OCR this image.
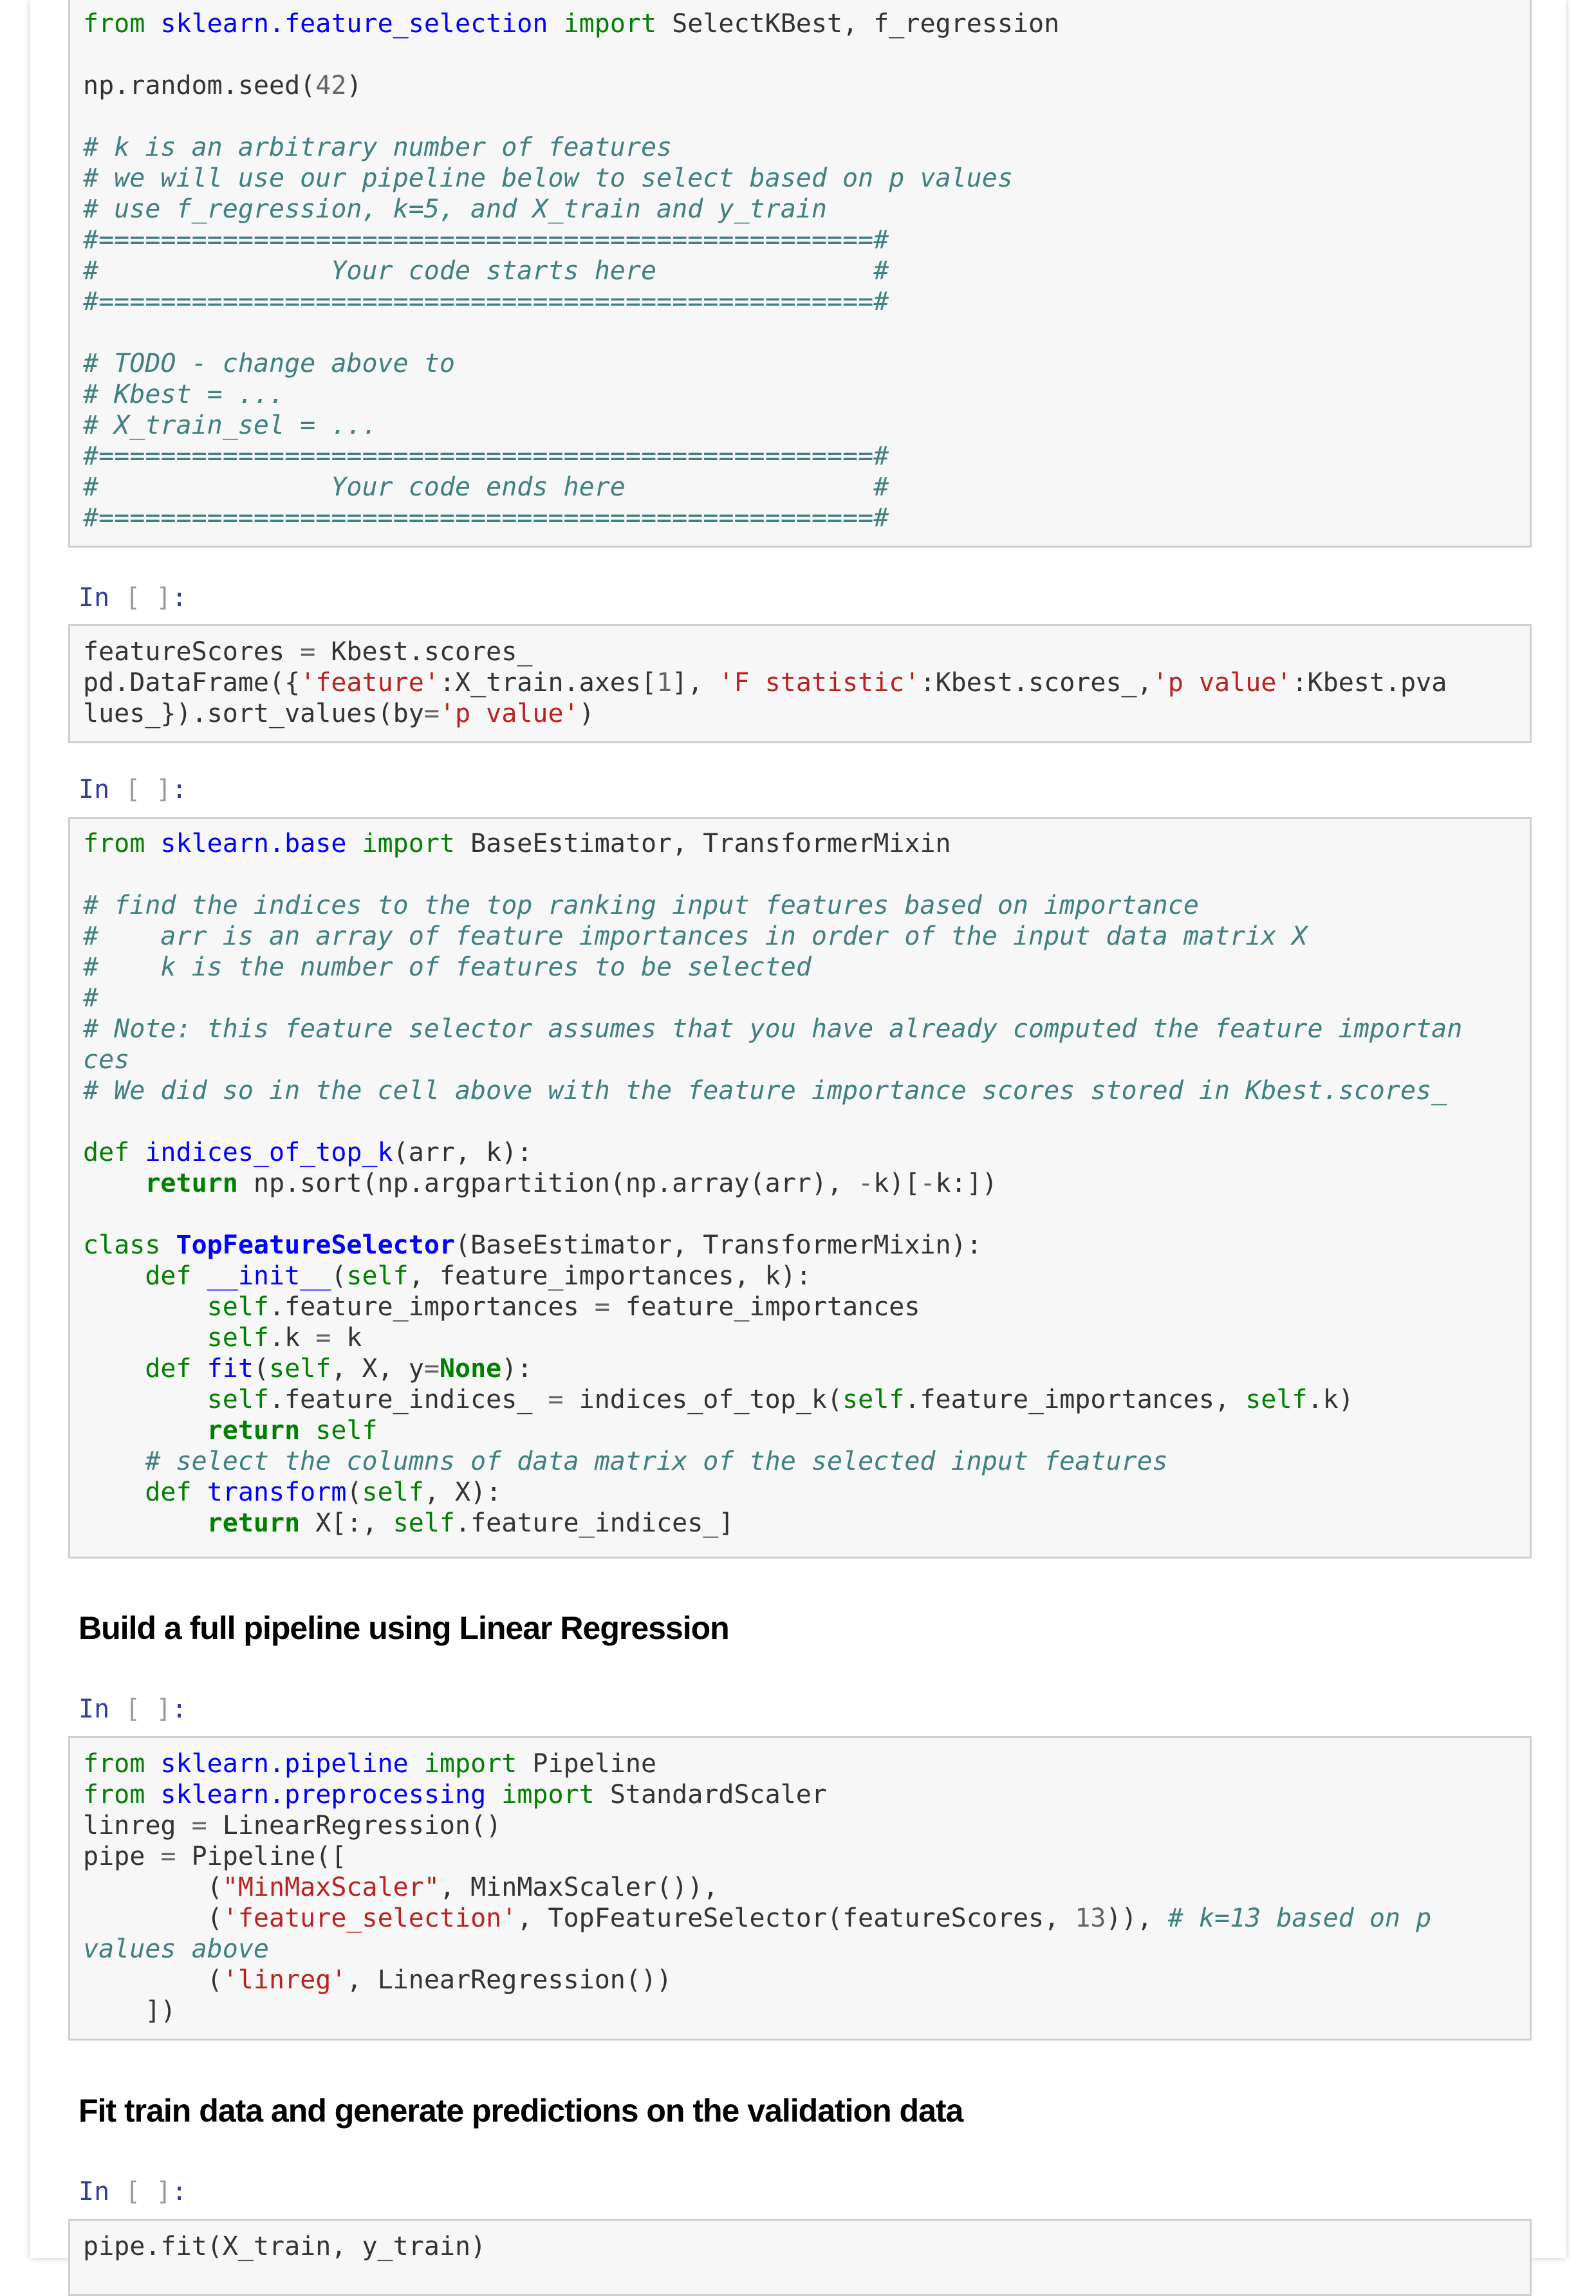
from sklearn.feature_selection import SelectKBest, f_regression

np.random.seed(42)

# k is an arbitrary number of features
# we will use our pipeline below to select based on p values
# use f_regression, k=5, and X_train and y_train
#==================================================#
#               Your code starts here              #
#==================================================#

# TODO - change above to
# Kbest = ...
# X_train_sel = ...
#==================================================#
#               Your code ends here                #
#==================================================#
In [ ]:
featureScores = Kbest.scores_
pd.DataFrame({'feature':X_train.axes[1], 'F statistic':Kbest.scores_,'p value':Kbest.pva
lues_}).sort_values(by='p value')
In [ ]:
from sklearn.base import BaseEstimator, TransformerMixin

# find the indices to the top ranking input features based on importance
#    arr is an array of feature importances in order of the input data matrix X
#    k is the number of features to be selected
#
# Note: this feature selector assumes that you have already computed the feature importan
ces
# We did so in the cell above with the feature importance scores stored in Kbest.scores_

def indices_of_top_k(arr, k):
return np.sort(np.argpartition(np.array(arr), -k)[-k:])

class TopFeatureSelector(BaseEstimator, TransformerMixin):
def __init__(self, feature_importances, k):
self.feature_importances = feature_importances
self.k = k
def fit(self, X, y=None):
self.feature_indices_ = indices_of_top_k(self.feature_importances, self.k)
return self
# select the columns of data matrix of the selected input features
def transform(self, X):
return X[:, self.feature_indices_]
Build a full pipeline using Linear Regression
In [ ]:
from sklearn.pipeline import Pipeline
from sklearn.preprocessing import StandardScaler
linreg = LinearRegression()
pipe = Pipeline([
("MinMaxScaler", MinMaxScaler()),
('feature_selection', TopFeatureSelector(featureScores, 13)), # k=13 based on p
values above
('linreg', LinearRegression())
])
Fit train data and generate predictions on the validation data
In [ ]:
pipe.fit(X_train, y_train)
